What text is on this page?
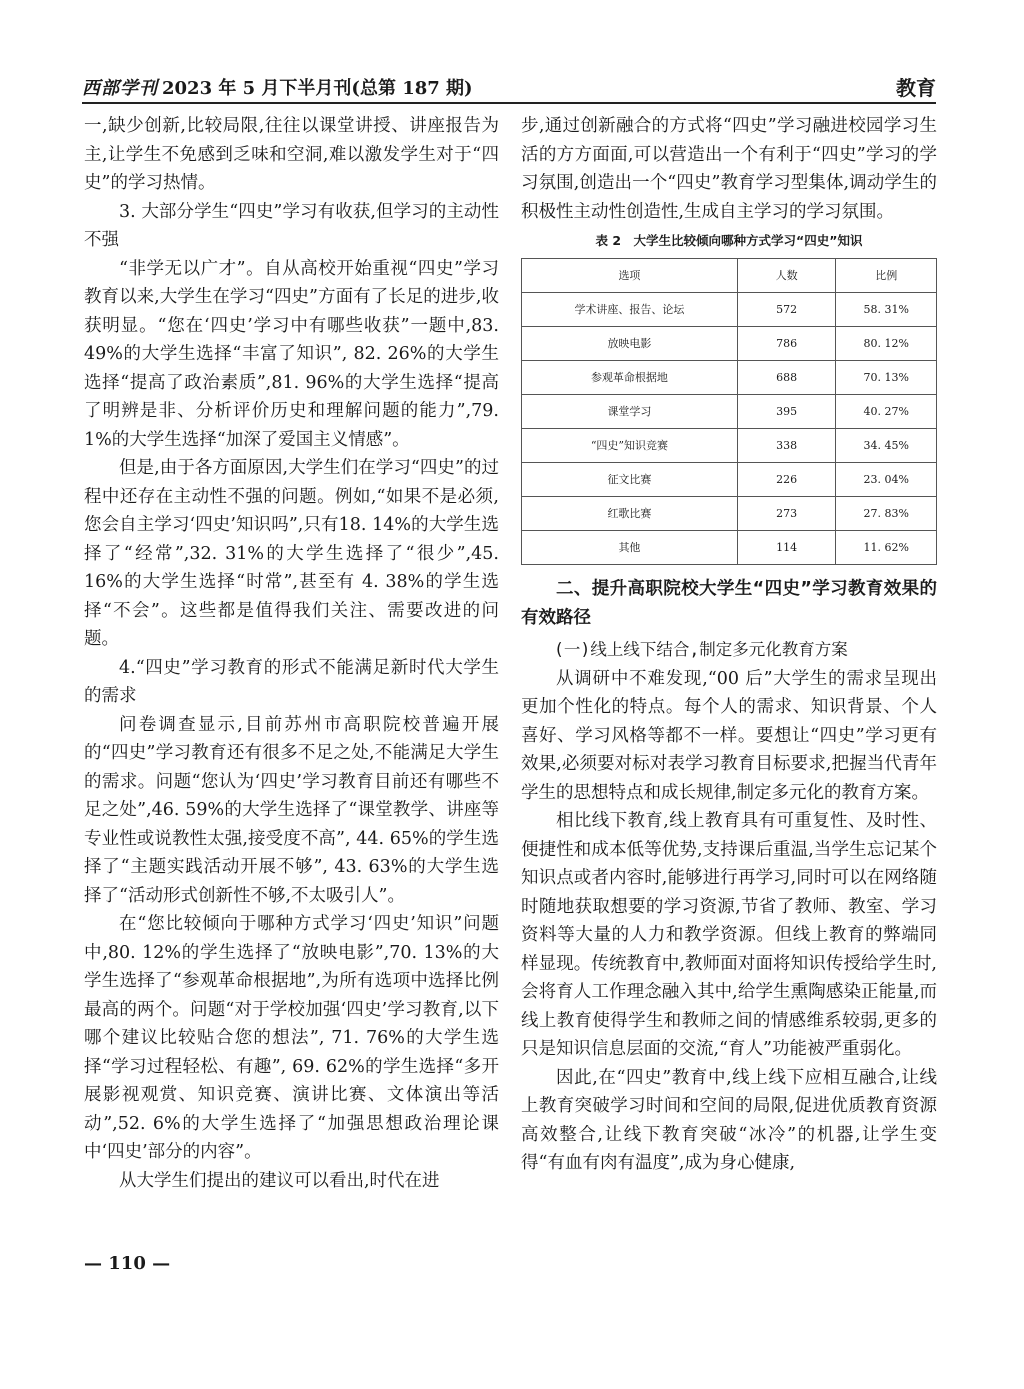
西部学刊 2023 年 5 月下半月刊(总第 187 期)	教育

一,缺少创新,比较局限,往往以课堂讲授、讲座报告为主,让学生不免感到乏味和空洞,难以激发学生对于“四史”的学习热情。

3. 大部分学生“四史”学习有收获,但学习的主动性不强

“非学无以广才”。自从高校开始重视“四史”学习教育以来,大学生在学习“四史”方面有了长足的进步,收获明显。“您在‘四史’学习中有哪些收获”一题中,83. 49%的大学生选择“丰富了知识”, 82. 26%的大学生选择“提高了政治素质”,81. 96%的大学生选择“提高了明辨是非、分析评价历史和理解问题的能力”,79. 1%的大学生选择“加深了爱国主义情感”。

但是,由于各方面原因,大学生们在学习“四史”的过程中还存在主动性不强的问题。例如,“如果不是必须,您会自主学习‘四史’知识吗”,只有18. 14%的大学生选择了“经常”,32. 31%的大学生选择了“很少”,45. 16%的大学生选择“时常”,甚至有 4. 38%的学生选择“不会”。这些都是值得我们关注、需要改进的问题。

4.“四史”学习教育的形式不能满足新时代大学生的需求

问卷调查显示,目前苏州市高职院校普遍开展的“四史”学习教育还有很多不足之处,不能满足大学生的需求。问题“您认为‘四史’学习教育目前还有哪些不足之处”,46. 59%的大学生选择了“课堂教学、讲座等专业性或说教性太强,接受度不高”, 44. 65%的学生选择了“主题实践活动开展不够”, 43. 63%的大学生选择了“活动形式创新性不够,不太吸引人”。

在“您比较倾向于哪种方式学习‘四史’知识”问题中,80. 12%的学生选择了“放映电影”,70. 13%的大学生选择了“参观革命根据地”,为所有选项中选择比例最高的两个。问题“对于学校加强‘四史’学习教育,以下哪个建议比较贴合您的想法”, 71. 76%的大学生选择“学习过程轻松、有趣”, 69. 62%的学生选择“多开展影视观赏、知识竞赛、演讲比赛、文体演出等活动”,52. 6%的大学生选择了“加强思想政治理论课中‘四史’部分的内容”。

从大学生们提出的建议可以看出,时代在进

步,通过创新融合的方式将“四史”学习融进校园学习生活的方方面面,可以营造出一个有利于“四史”学习的学习氛围,创造出一个“四史”教育学习型集体,调动学生的积极性主动性创造性,生成自主学习的学习氛围。

表 2　大学生比较倾向哪种方式学习“四史”知识
选项	人数	比例
学术讲座、报告、论坛	572	58. 31%
放映电影	786	80. 12%
参观革命根据地	688	70. 13%
课堂学习	395	40. 27%
“四史”知识竞赛	338	34. 45%
征文比赛	226	23. 04%
红歌比赛	273	27. 83%
其他	114	11. 62%
二、提升高职院校大学生“四史”学习教育效果的有效路径

(一)线上线下结合,制定多元化教育方案

从调研中不难发现,“00 后”大学生的需求呈现出更加个性化的特点。每个人的需求、知识背景、个人喜好、学习风格等都不一样。要想让“四史”学习更有效果,必须要对标对表学习教育目标要求,把握当代青年学生的思想特点和成长规律,制定多元化的教育方案。

相比线下教育,线上教育具有可重复性、及时性、便捷性和成本低等优势,支持课后重温,当学生忘记某个知识点或者内容时,能够进行再学习,同时可以在网络随时随地获取想要的学习资源,节省了教师、教室、学习资料等大量的人力和教学资源。但线上教育的弊端同样显现。传统教育中,教师面对面将知识传授给学生时,会将育人工作理念融入其中,给学生熏陶感染正能量,而线上教育使得学生和教师之间的情感维系较弱,更多的只是知识信息层面的交流,“育人”功能被严重弱化。

因此,在“四史”教育中,线上线下应相互融合,让线上教育突破学习时间和空间的局限,促进优质教育资源高效整合,让线下教育突破“冰冷”的机器,让学生变得“有血有肉有温度”,成为身心健康,

— 110 —
